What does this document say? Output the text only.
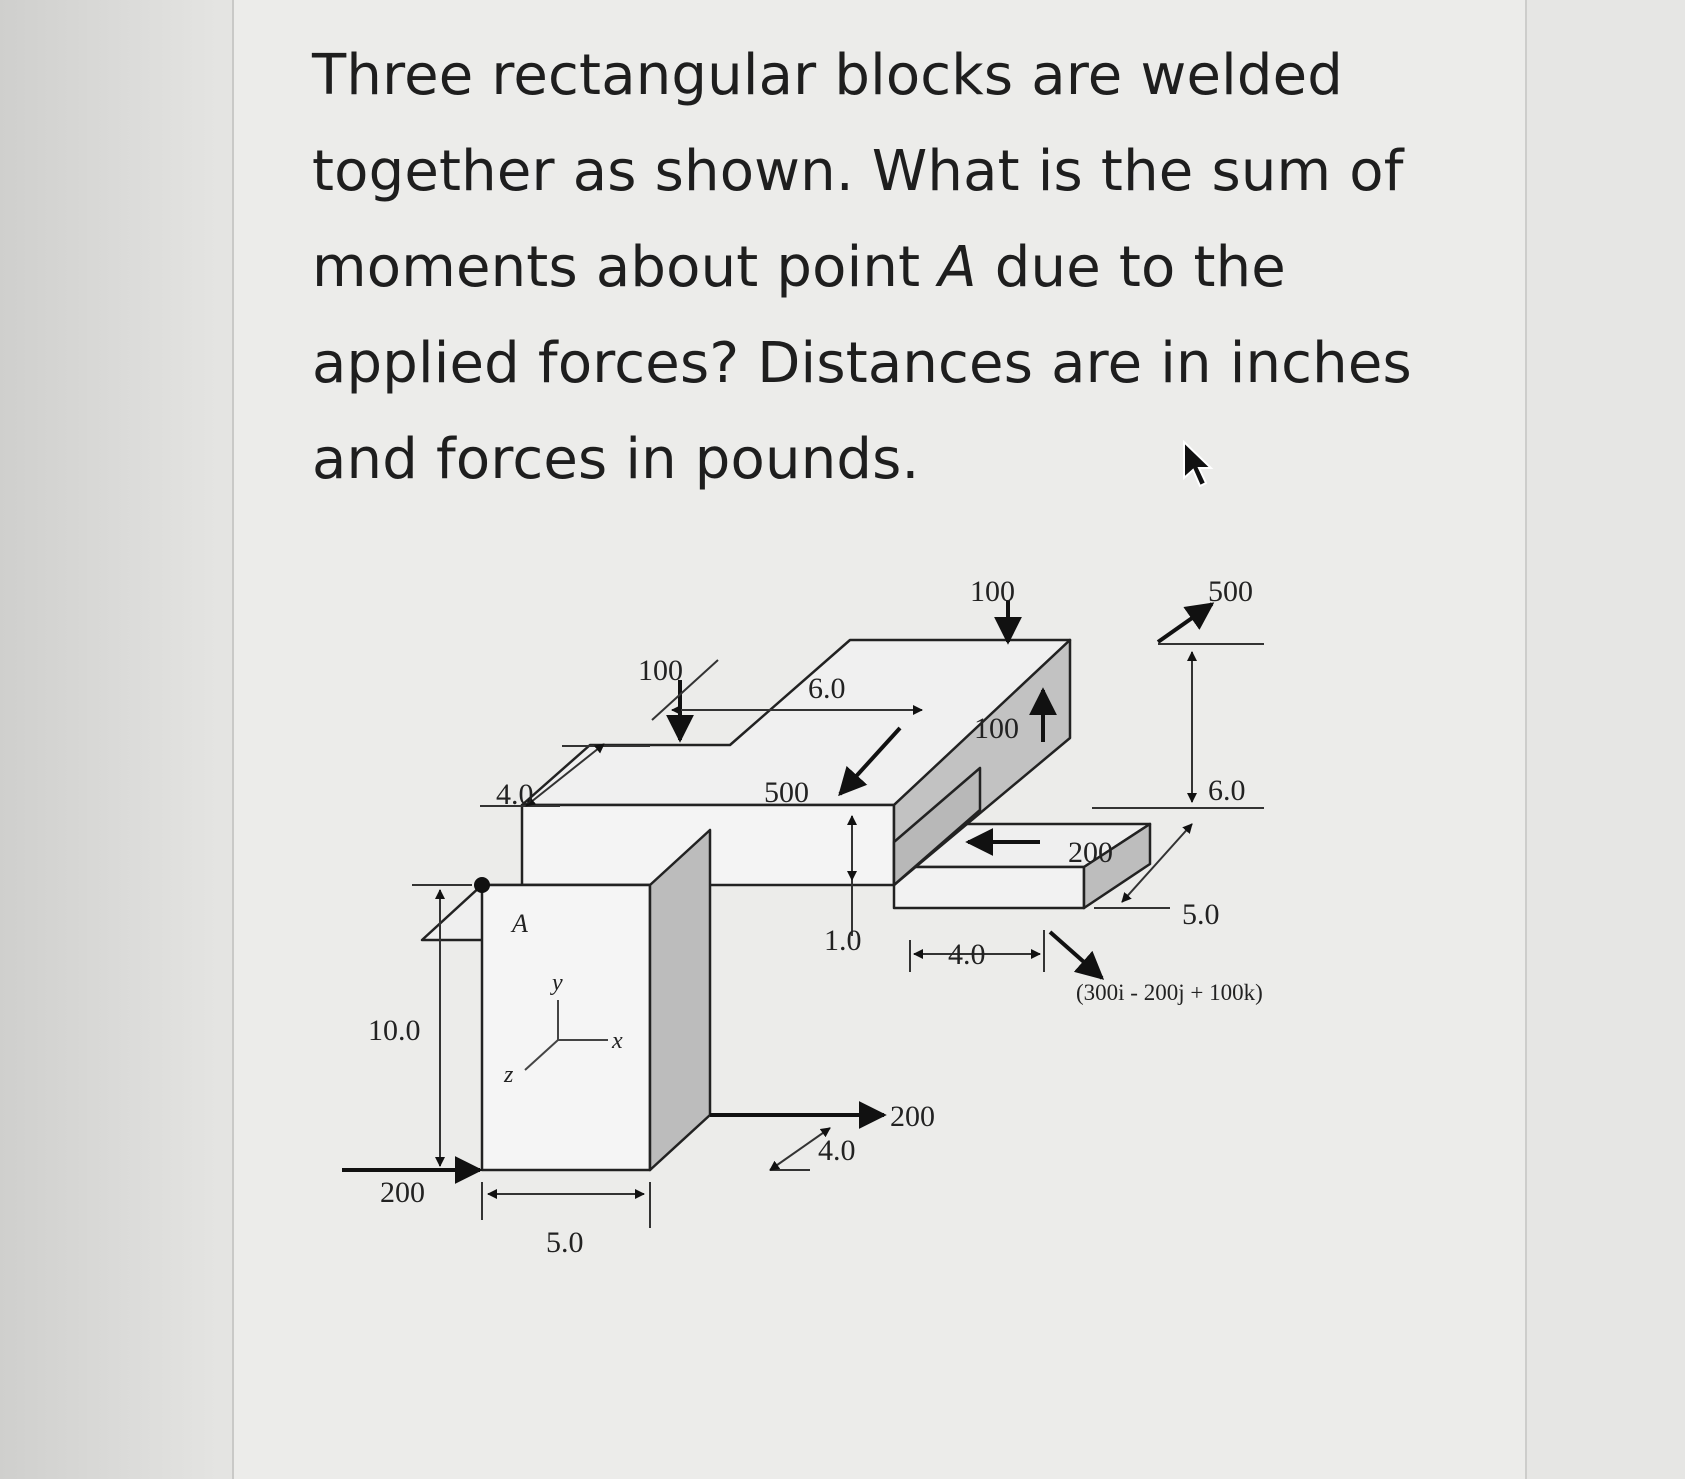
Three rectangular blocks are welded
together as shown. What is the sum of
moments about point A due to the
applied forces? Distances are in inches
and forces in pounds.
A
y
x
z
100	500
100
6.0
100
6.0
4.0	500
200
5.0
1.0	4.0
(300i - 200j + 100k)
10.0
200
4.0
200
5.0
